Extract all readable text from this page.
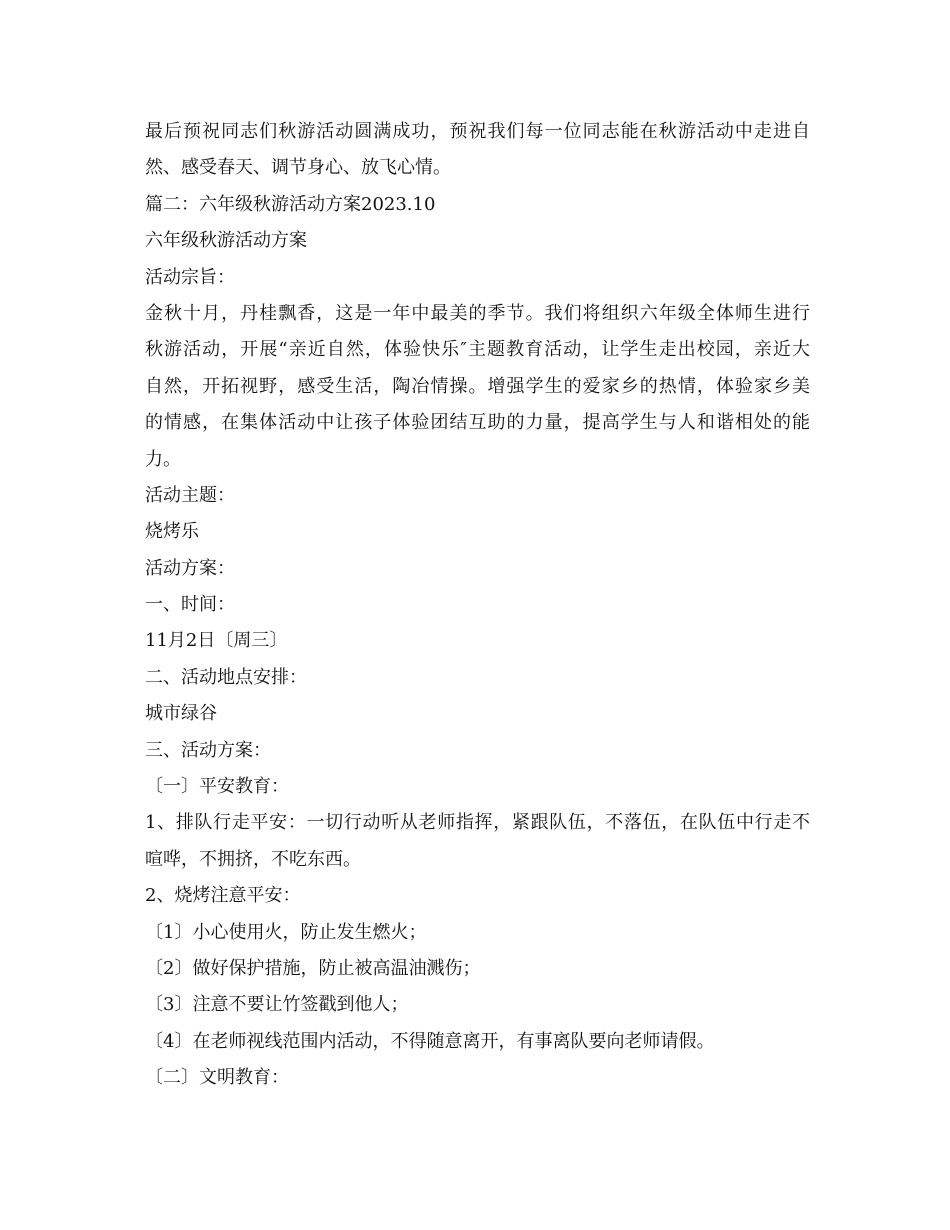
最后预祝同志们秋游活动圆满成功，预祝我们每一位同志能在秋游活动中走进自
然、感受春天、调节身心、放飞心情。
篇二：六年级秋游活动方案2023.10
六年级秋游活动方案
活动宗旨：
金秋十月，丹桂飘香，这是一年中最美的季节。我们将组织六年级全体师生进行
秋游活动，开展“亲近自然，体验快乐″主题教育活动，让学生走出校园，亲近大
自然，开拓视野，感受生活，陶冶情操。增强学生的爱家乡的热情，体验家乡美
的情感，在集体活动中让孩子体验团结互助的力量，提高学生与人和谐相处的能
力。
活动主题：
烧烤乐
活动方案：
一、时间：
11月2日〔周三〕
二、活动地点安排：
城市绿谷
三、活动方案：
〔一〕平安教育：
1、排队行走平安：一切行动听从老师指挥，紧跟队伍，不落伍，在队伍中行走不
喧哗，不拥挤，不吃东西。
2、烧烤注意平安：
〔1〕小心使用火，防止发生燃火；
〔2〕做好保护措施，防止被高温油溅伤；
〔3〕注意不要让竹签戳到他人；
〔4〕在老师视线范围内活动，不得随意离开，有事离队要向老师请假。
〔二〕文明教育：
